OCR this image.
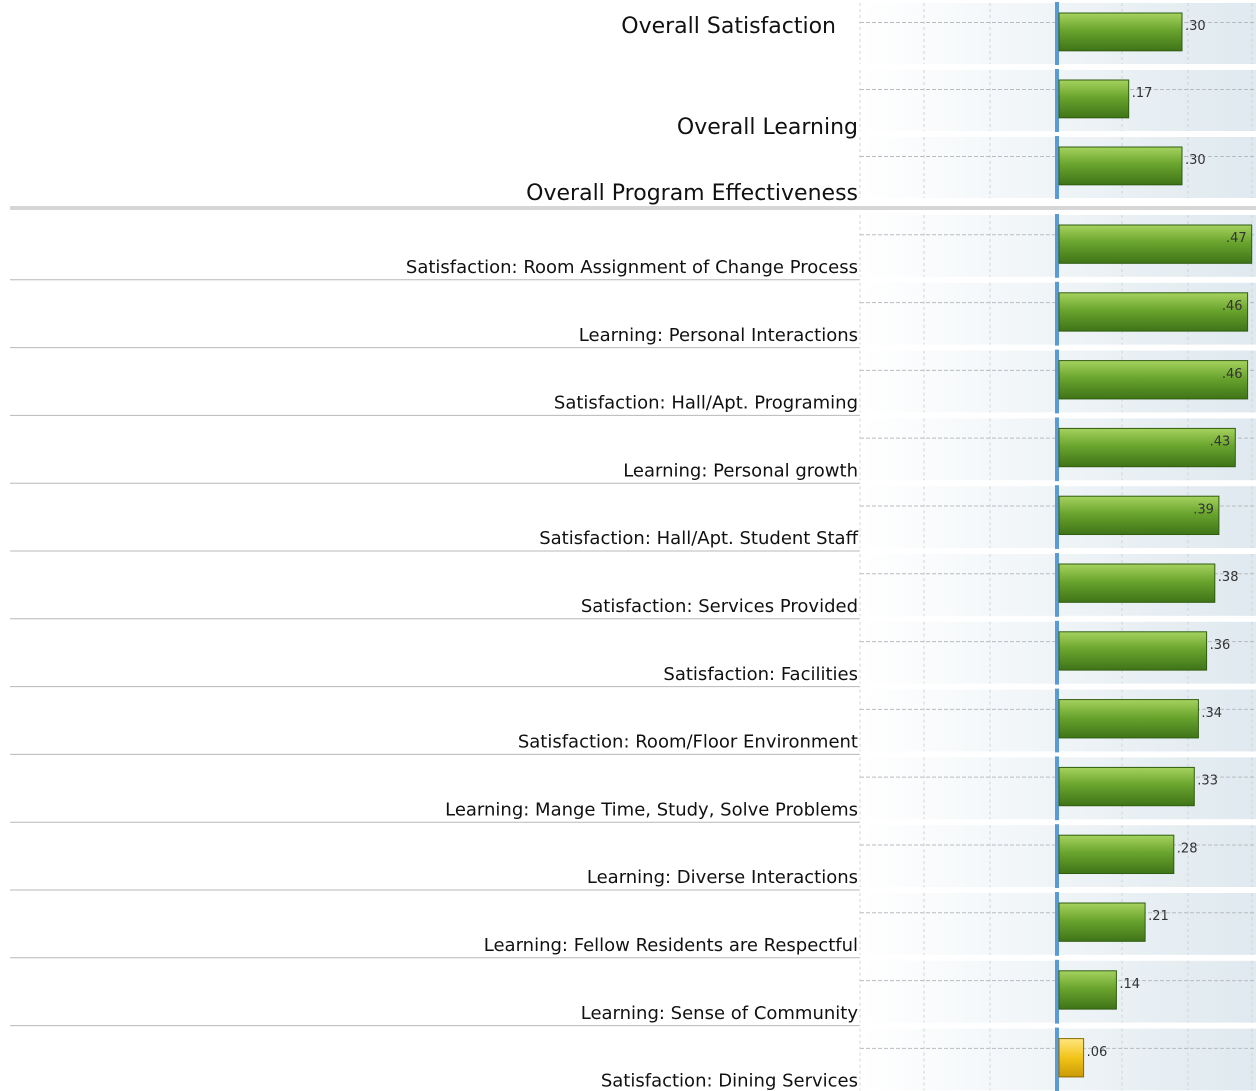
.30
Overall Satisfaction
.17
Overall Learning
.30
Overall Program Effectiveness
.47
Satisfaction: Room Assignment of Change Process
.46
Learning: Personal Interactions
.46
Satisfaction: Hall/Apt. Programing
.43
Learning: Personal growth
.39
Satisfaction: Hall/Apt. Student Staff
.38
Satisfaction: Services Provided
.36
Satisfaction: Facilities
.34
Satisfaction: Room/Floor Environment
.33
Learning: Mange Time, Study, Solve Problems
.28
Learning: Diverse Interactions
.21
Learning: Fellow Residents are Respectful
.14
Learning: Sense of Community
.06
Satisfaction: Dining Services
